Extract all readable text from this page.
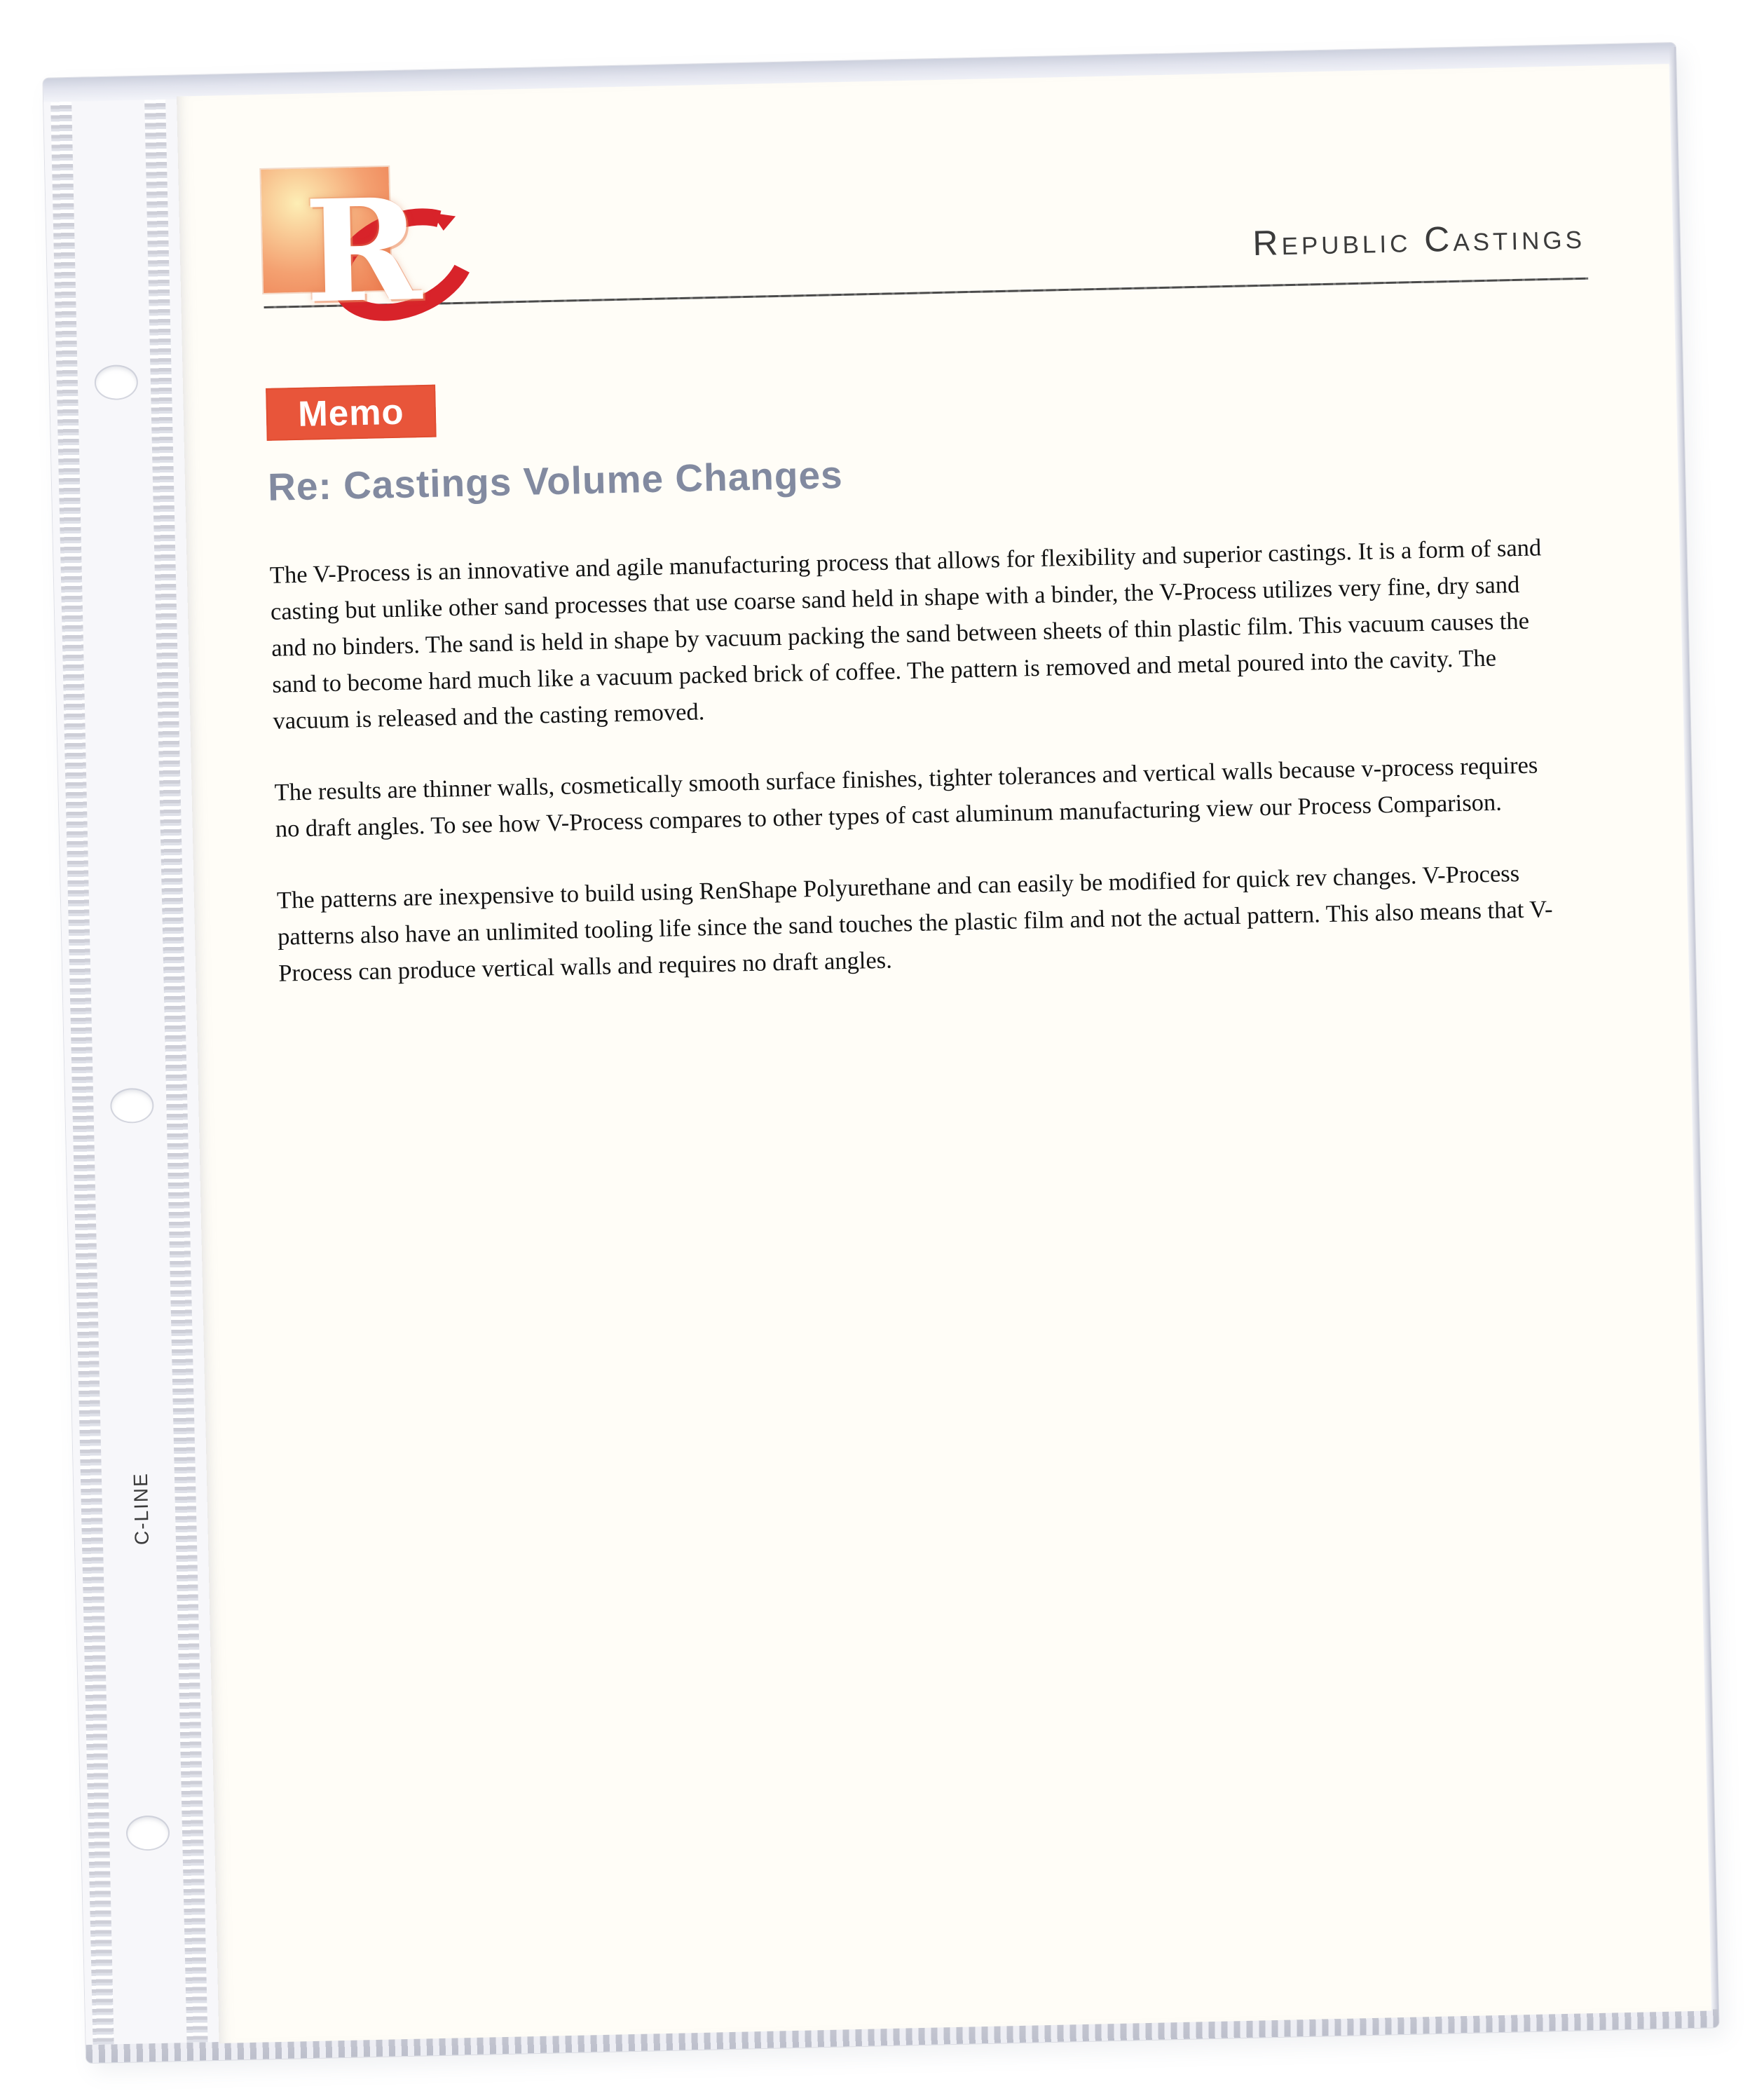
C-LINE
R	Republic Castings
Memo
Re: Castings Volume Changes

The V-Process is an innovative and agile manufacturing process that allows for flexibility and superior castings. It is a form of sand casting but unlike other sand processes that use coarse sand held in shape with a binder, the V-Process utilizes very fine, dry sand and no binders. The sand is held in shape by vacuum packing the sand between sheets of thin plastic film. This vacuum causes the sand to become hard much like a vacuum packed brick of coffee. The pattern is removed and metal poured into the cavity. The vacuum is released and the casting removed.

The results are thinner walls, cosmetically smooth surface finishes, tighter tolerances and vertical walls because v-process requires no draft angles. To see how V-Process compares to other types of cast aluminum manufacturing view our Process Comparison.

The patterns are inexpensive to build using RenShape Polyurethane and can easily be modified for quick rev changes. V-Process patterns also have an unlimited tooling life since the sand touches the plastic film and not the actual pattern. This also means that V-Process can produce vertical walls and requires no draft angles.
